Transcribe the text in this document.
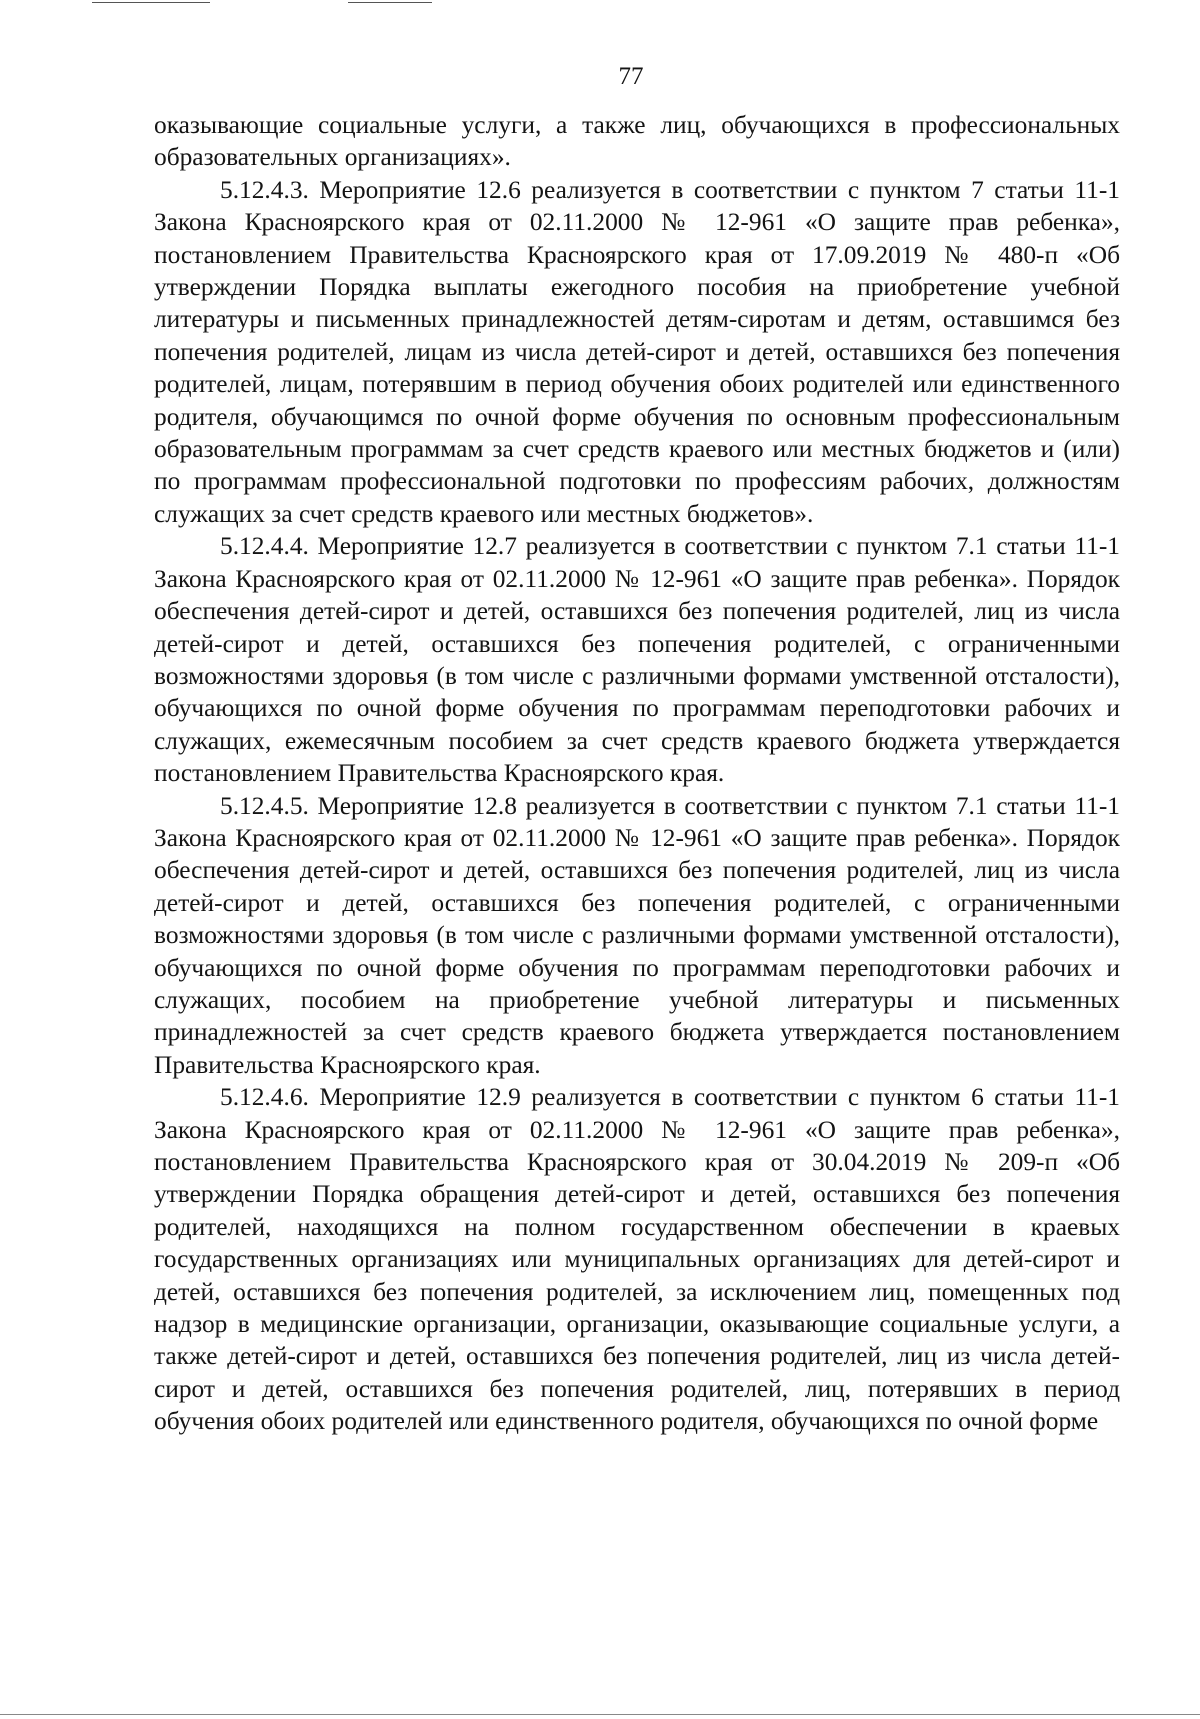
77

оказывающие социальные услуги, а также лиц, обучающихся в профессиональных образовательных организациях».

5.12.4.3. Мероприятие 12.6 реализуется в соответствии с пунктом 7 статьи 11-1 Закона Красноярского края от 02.11.2000 № 12-961 «О защите прав ребенка», постановлением Правительства Красноярского края от 17.09.2019 № 480-п «Об утверждении Порядка выплаты ежегодного пособия на приобретение учебной литературы и письменных принадлежностей детям-сиротам и детям, оставшимся без попечения родителей, лицам из числа детей-сирот и детей, оставшихся без попечения родителей, лицам, потерявшим в период обучения обоих родителей или единственного родителя, обучающимся по очной форме обучения по основным профессиональным образовательным программам за счет средств краевого или местных бюджетов и (или) по программам профессиональной подготовки по профессиям рабочих, должностям служащих за счет средств краевого или местных бюджетов».

5.12.4.4. Мероприятие 12.7 реализуется в соответствии с пунктом 7.1 статьи 11-1 Закона Красноярского края от 02.11.2000 № 12-961 «О защите прав ребенка». Порядок обеспечения детей-сирот и детей, оставшихся без попечения родителей, лиц из числа детей-сирот и детей, оставшихся без попечения родителей, с ограниченными возможностями здоровья (в том числе с различными формами умственной отсталости), обучающихся по очной форме обучения по программам переподготовки рабочих и служащих, ежемесячным пособием за счет средств краевого бюджета утверждается постановлением Правительства Красноярского края.

5.12.4.5. Мероприятие 12.8 реализуется в соответствии с пунктом 7.1 статьи 11-1 Закона Красноярского края от 02.11.2000 № 12-961 «О защите прав ребенка». Порядок обеспечения детей-сирот и детей, оставшихся без попечения родителей, лиц из числа детей-сирот и детей, оставшихся без попечения родителей, с ограниченными возможностями здоровья (в том числе с различными формами умственной отсталости), обучающихся по очной форме обучения по программам переподготовки рабочих и служащих, пособием на приобретение учебной литературы и письменных принадлежностей за счет средств краевого бюджета утверждается постановлением Правительства Красноярского края.

5.12.4.6. Мероприятие 12.9 реализуется в соответствии с пунктом 6 статьи 11-1 Закона Красноярского края от 02.11.2000 № 12-961 «О защите прав ребенка», постановлением Правительства Красноярского края от 30.04.2019 № 209-п «Об утверждении Порядка обращения детей-сирот и детей, оставшихся без попечения родителей, находящихся на полном государственном обеспечении в краевых государственных организациях или муниципальных организациях для детей-сирот и детей, оставшихся без попечения родителей, за исключением лиц, помещенных под надзор в медицинские организации, организации, оказывающие социальные услуги, а также детей-сирот и детей, оставшихся без попечения родителей, лиц из числа детей-сирот и детей, оставшихся без попечения родителей, лиц, потерявших в период обучения обоих родителей или единственного родителя, обучающихся по очной форме
